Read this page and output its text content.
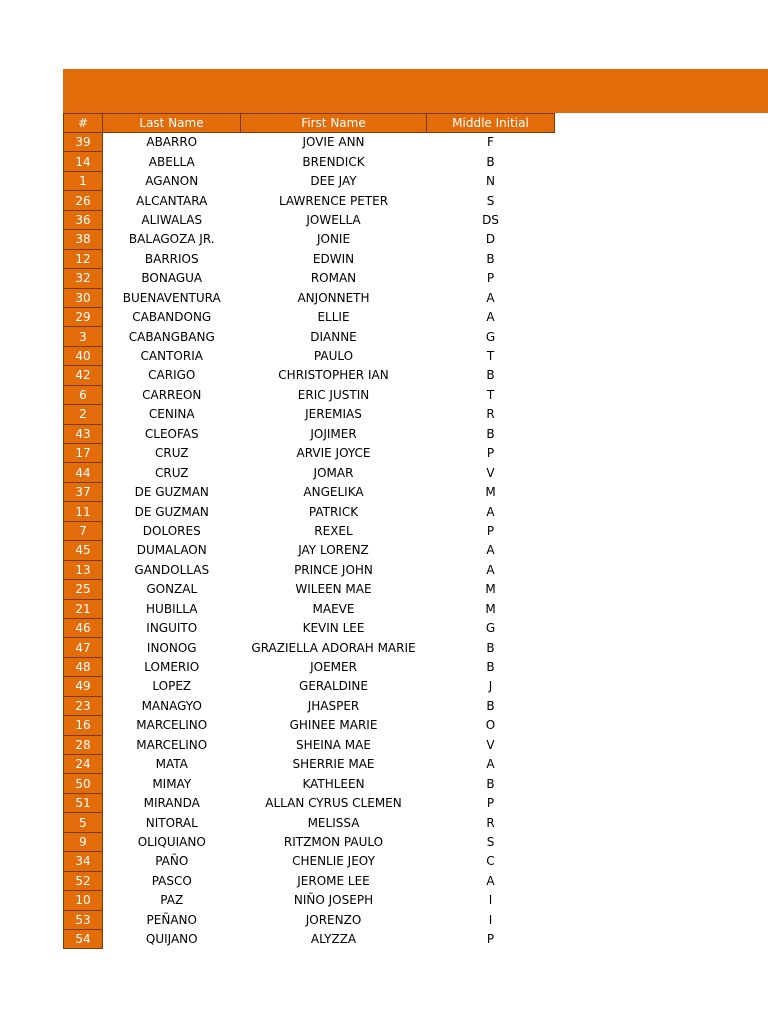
#	Last Name	First Name	Middle Initial
39	ABARRO	JOVIE ANN	F
14	ABELLA	BRENDICK	B
1	AGANON	DEE JAY	N
26	ALCANTARA	LAWRENCE PETER	S
36	ALIWALAS	JOWELLA	DS
38	BALAGOZA JR.	JONIE	D
12	BARRIOS	EDWIN	B
32	BONAGUA	ROMAN	P
30	BUENAVENTURA	ANJONNETH	A
29	CABANDONG	ELLIE	A
3	CABANGBANG	DIANNE	G
40	CANTORIA	PAULO	T
42	CARIGO	CHRISTOPHER IAN	B
6	CARREON	ERIC JUSTIN	T
2	CENINA	JEREMIAS	R
43	CLEOFAS	JOJIMER	B
17	CRUZ	ARVIE JOYCE	P
44	CRUZ	JOMAR	V
37	DE GUZMAN	ANGELIKA	M
11	DE GUZMAN	PATRICK	A
7	DOLORES	REXEL	P
45	DUMALAON	JAY LORENZ	A
13	GANDOLLAS	PRINCE JOHN	A
25	GONZAL	WILEEN MAE	M
21	HUBILLA	MAEVE	M
46	INGUITO	KEVIN LEE	G
47	INONOG	GRAZIELLA ADORAH MARIE	B
48	LOMERIO	JOEMER	B
49	LOPEZ	GERALDINE	J
23	MANAGYO	JHASPER	B
16	MARCELINO	GHINEE MARIE	O
28	MARCELINO	SHEINA MAE	V
24	MATA	SHERRIE MAE	A
50	MIMAY	KATHLEEN	B
51	MIRANDA	ALLAN CYRUS CLEMEN	P
5	NITORAL	MELISSA	R
9	OLIQUIANO	RITZMON PAULO	S
34	PAÑO	CHENLIE JEOY	C
52	PASCO	JEROME LEE	A
10	PAZ	NIÑO JOSEPH	I
53	PEÑANO	JORENZO	I
54	QUIJANO	ALYZZA	P
